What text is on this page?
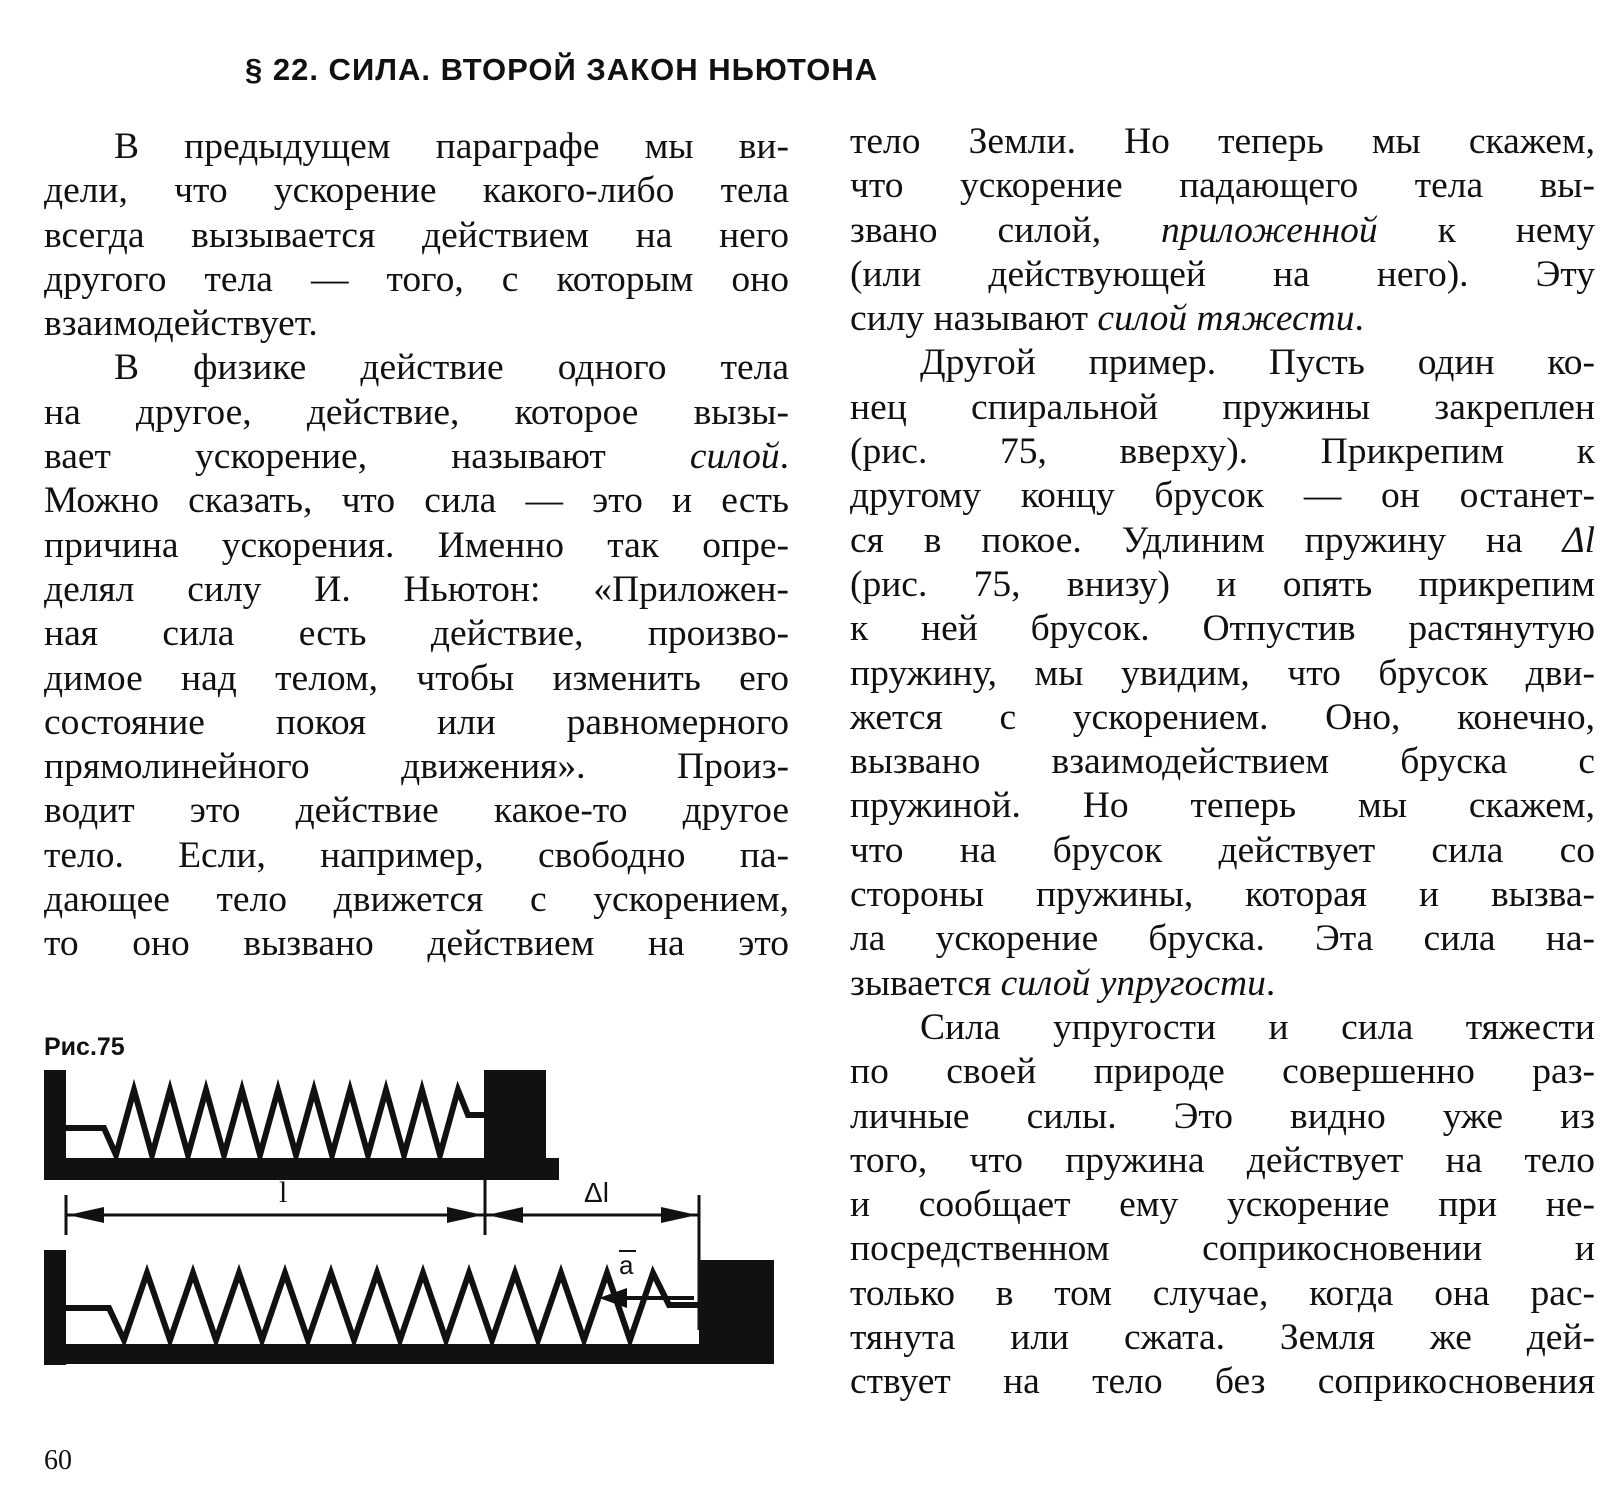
§ 22. СИЛА. ВТОРОЙ ЗАКОН НЬЮТОНА
В предыдущем параграфе мы ви-
дели, что ускорение какого-либо тела
всегда вызывается действием на него
другого тела — того, с которым оно
взаимодействует.
В физике действие одного тела
на другое, действие, которое вызы-
вает ускорение, называют силой.
Можно сказать, что сила — это и есть
причина ускорения. Именно так опре-
делял силу И. Ньютон: «Приложен-
ная сила есть действие, произво-
димое над телом, чтобы изменить его
состояние покоя или равномерного
прямолинейного движения». Произ-
водит это действие какое-то другое
тело. Если, например, свободно па-
дающее тело движется с ускорением,
то оно вызвано действием на это
тело Земли. Но теперь мы скажем,
что ускорение падающего тела вы-
звано силой, приложенной к нему
(или действующей на него). Эту
силу называют силой тяжести.
Другой пример. Пусть один ко-
нец спиральной пружины закреплен
(рис. 75, вверху). Прикрепим к
другому концу брусок — он останет-
ся в покое. Удлиним пружину на Δl
(рис. 75, внизу) и опять прикрепим
к ней брусок. Отпустив растянутую
пружину, мы увидим, что брусок дви-
жется с ускорением. Оно, конечно,
вызвано взаимодействием бруска с
пружиной. Но теперь мы скажем,
что на брусок действует сила со
стороны пружины, которая и вызва-
ла ускорение бруска. Эта сила на-
зывается силой упругости.
Сила упругости и сила тяжести
по своей природе совершенно раз-
личные силы. Это видно уже из
того, что пружина действует на тело
и сообщает ему ускорение при не-
посредственном соприкосновении и
только в том случае, когда она рас-
тянута или сжата. Земля же дей-
ствует на тело без соприкосновения
Рис.75
l	Δl
a
60
